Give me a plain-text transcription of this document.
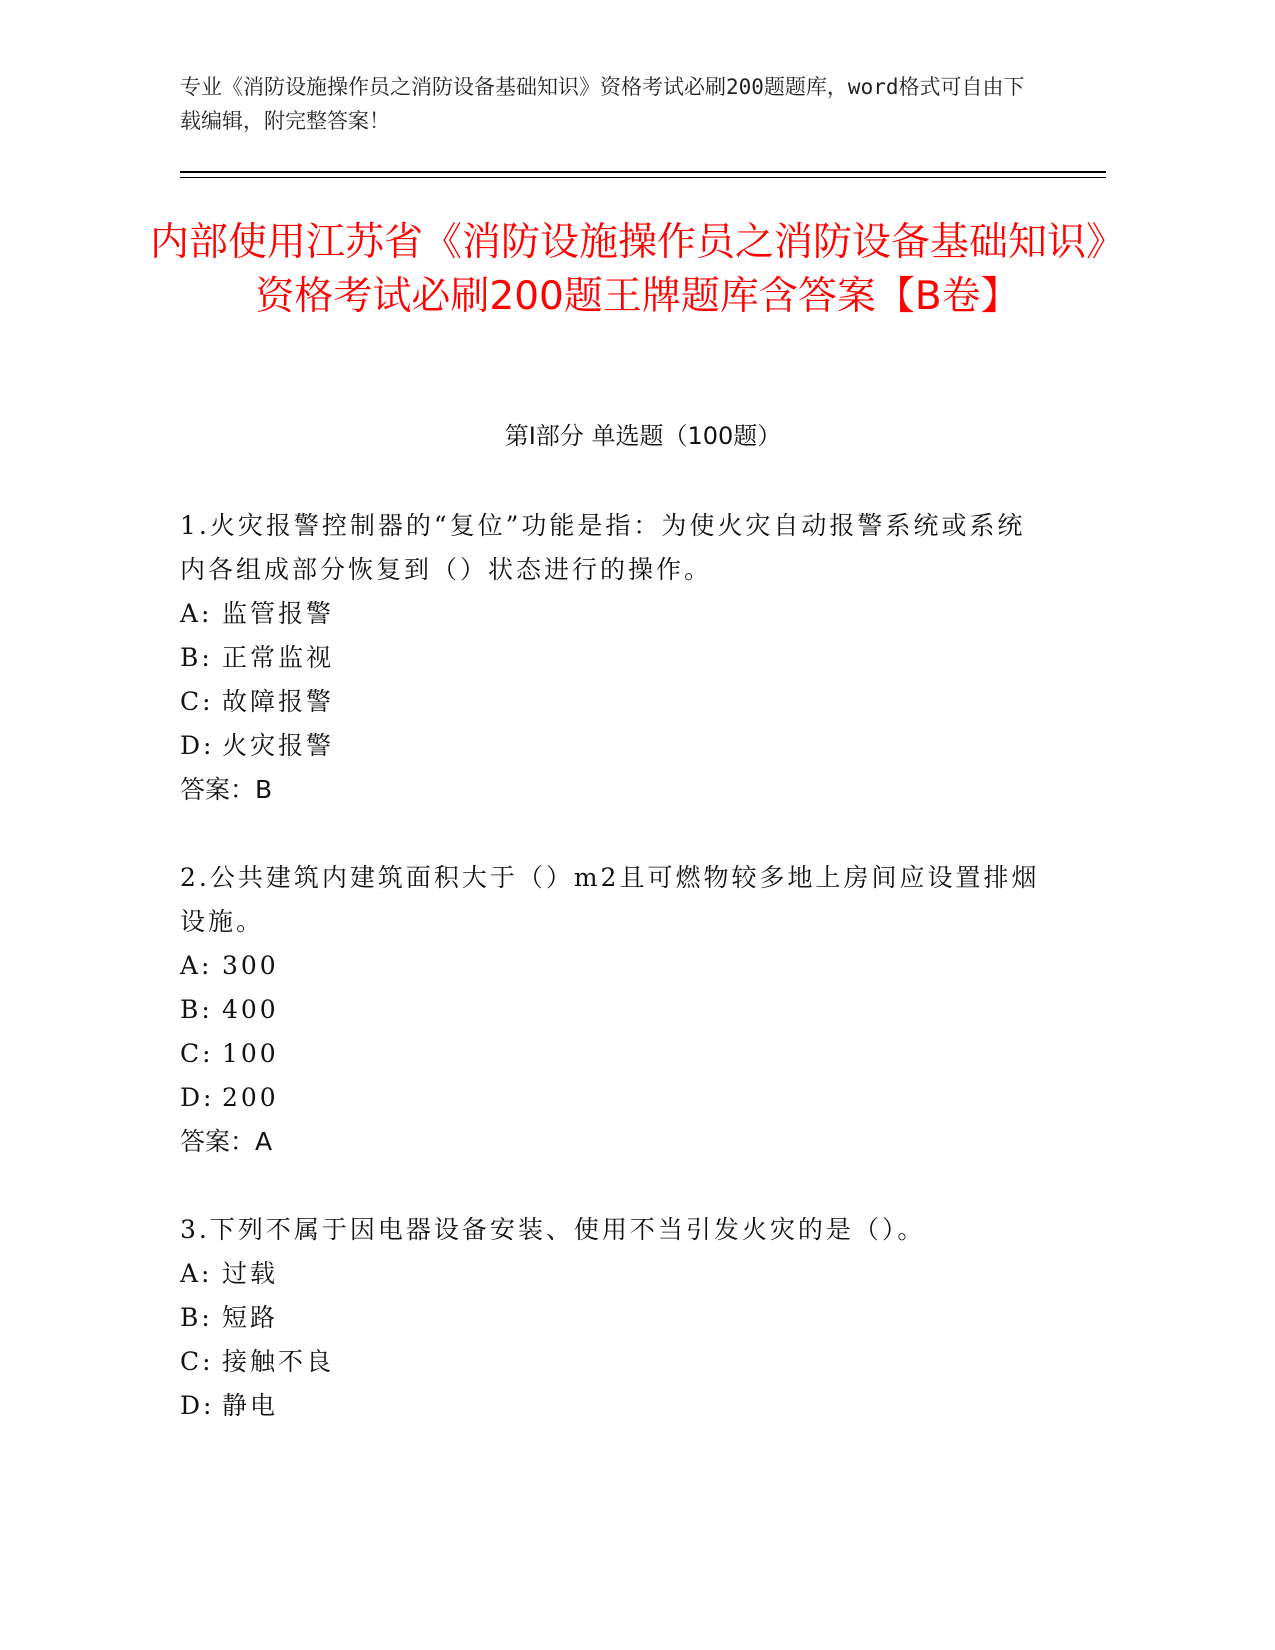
专业《消防设施操作员之消防设备基础知识》资格考试必刷200题题库，word格式可自由下载编辑，附完整答案！
内部使用江苏省《消防设施操作员之消防设备基础知识》资格考试必刷200题王牌题库含答案【B卷】
第I部分 单选题（100题）
1.火灾报警控制器的“复位”功能是指：为使火灾自动报警系统或系统内各组成部分恢复到（）状态进行的操作。
A: 监管报警
B: 正常监视
C: 故障报警
D: 火灾报警
答案：B
2.公共建筑内建筑面积大于（）m2且可燃物较多地上房间应设置排烟设施。
A: 300
B: 400
C: 100
D: 200
答案：A
3.下列不属于因电器设备安装、使用不当引发火灾的是（）。
A: 过载
B: 短路
C: 接触不良
D: 静电
